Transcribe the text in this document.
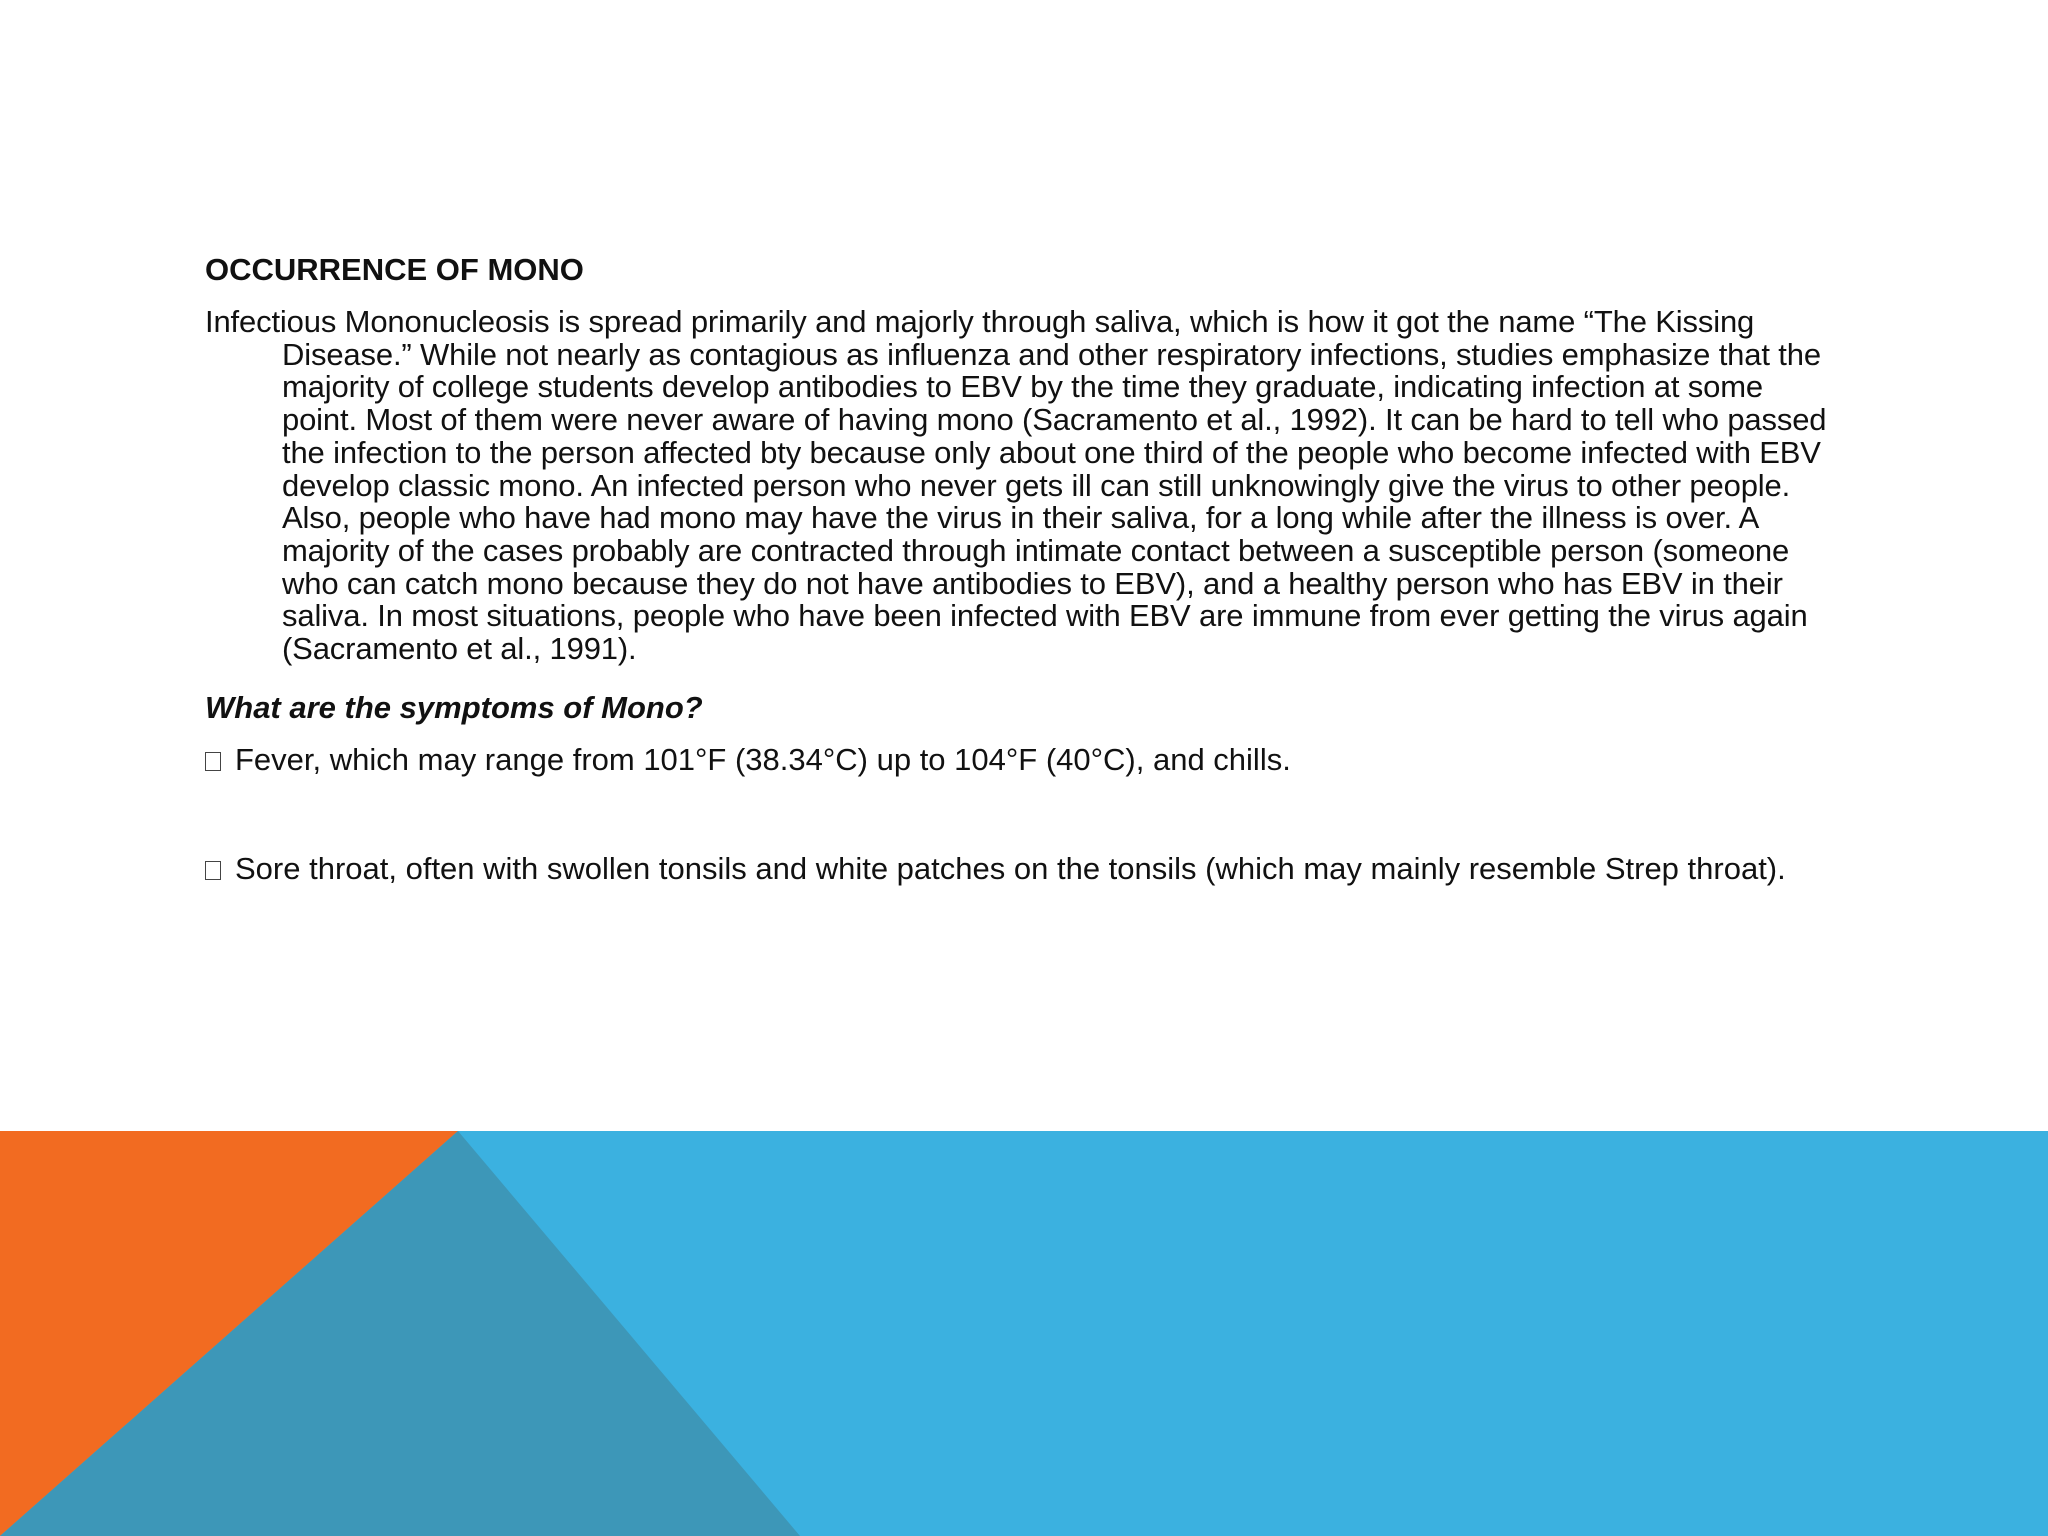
OCCURRENCE OF MONO

Infectious Mononucleosis is spread primarily and majorly through saliva, which is how it got the name “The Kissing Disease.” While not nearly as contagious as influenza and other respiratory infections, studies emphasize that the majority of college students develop antibodies to EBV by the time they graduate, indicating infection at some point. Most of them were never aware of having mono (Sacramento et al., 1992). It can be hard to tell who passed the infection to the person affected bty because only about one third of the people who become infected with EBV develop classic mono. An infected person who never gets ill can still unknowingly give the virus to other people. Also, people who have had mono may have the virus in their saliva, for a long while after the illness is over. A majority of the cases probably are contracted through intimate contact between a susceptible person (someone who can catch mono because they do not have antibodies to EBV), and a healthy person who has EBV in their saliva. In most situations, people who have been infected with EBV are immune from ever getting the virus again (Sacramento et al., 1991).

What are the symptoms of Mono?

Fever, which may range from 101°F (38.34°C) up to 104°F (40°C), and chills.

Sore throat, often with swollen tonsils and white patches on the tonsils (which may mainly resemble Strep throat).
